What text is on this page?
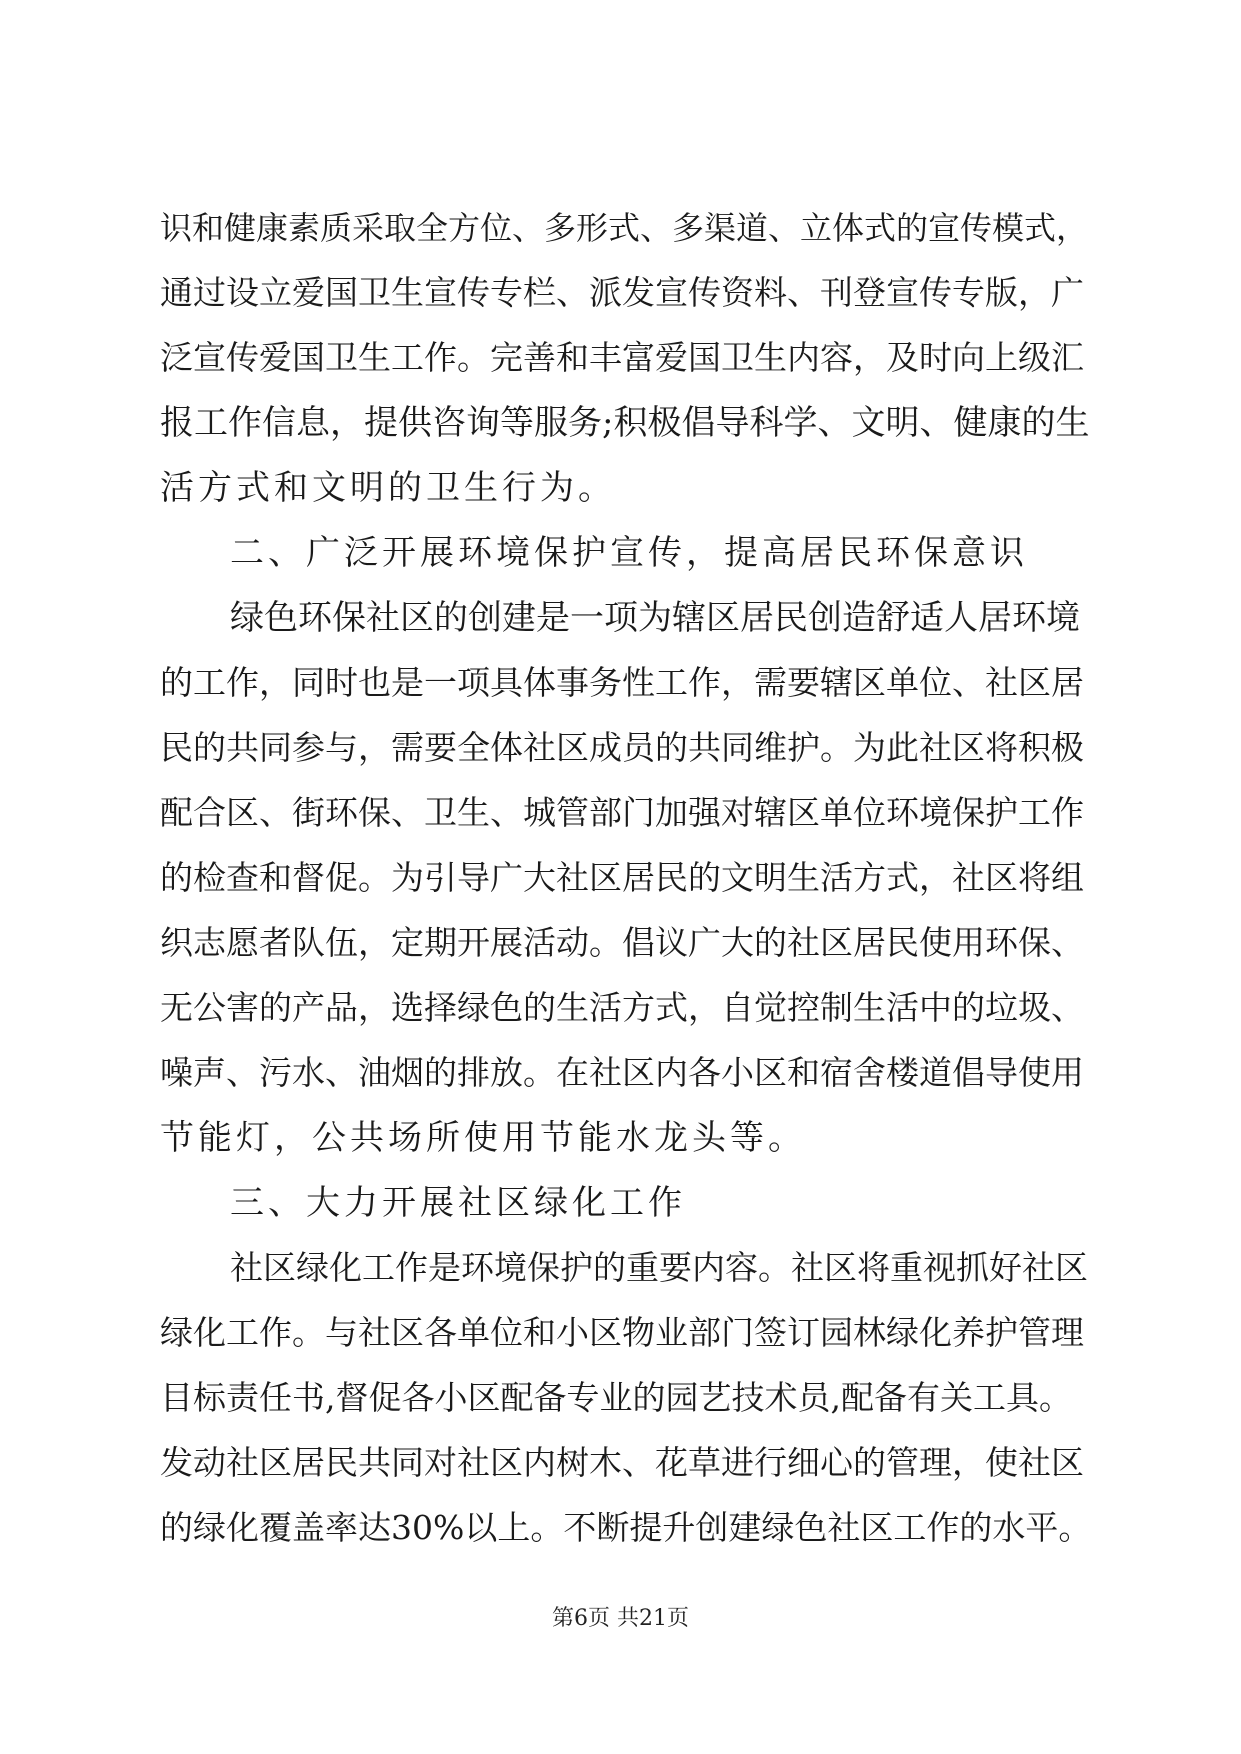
识和健康素质采取全方位、多形式、多渠道、立体式的宣传模式，
通过设立爱国卫生宣传专栏、派发宣传资料、刊登宣传专版，广
泛宣传爱国卫生工作。完善和丰富爱国卫生内容，及时向上级汇
报工作信息，提供咨询等服务;积极倡导科学、文明、健康的生
活方式和文明的卫生行为。
二、广泛开展环境保护宣传，提高居民环保意识
绿色环保社区的创建是一项为辖区居民创造舒适人居环境
的工作，同时也是一项具体事务性工作，需要辖区单位、社区居
民的共同参与，需要全体社区成员的共同维护。为此社区将积极
配合区、街环保、卫生、城管部门加强对辖区单位环境保护工作
的检查和督促。为引导广大社区居民的文明生活方式，社区将组
织志愿者队伍，定期开展活动。倡议广大的社区居民使用环保、
无公害的产品，选择绿色的生活方式，自觉控制生活中的垃圾、
噪声、污水、油烟的排放。在社区内各小区和宿舍楼道倡导使用
节能灯，公共场所使用节能水龙头等。
三、大力开展社区绿化工作
社区绿化工作是环境保护的重要内容。社区将重视抓好社区
绿化工作。与社区各单位和小区物业部门签订园林绿化养护管理
目标责任书,督促各小区配备专业的园艺技术员,配备有关工具。
发动社区居民共同对社区内树木、花草进行细心的管理，使社区
的绿化覆盖率达30%以上。不断提升创建绿色社区工作的水平。
第6页 共21页
